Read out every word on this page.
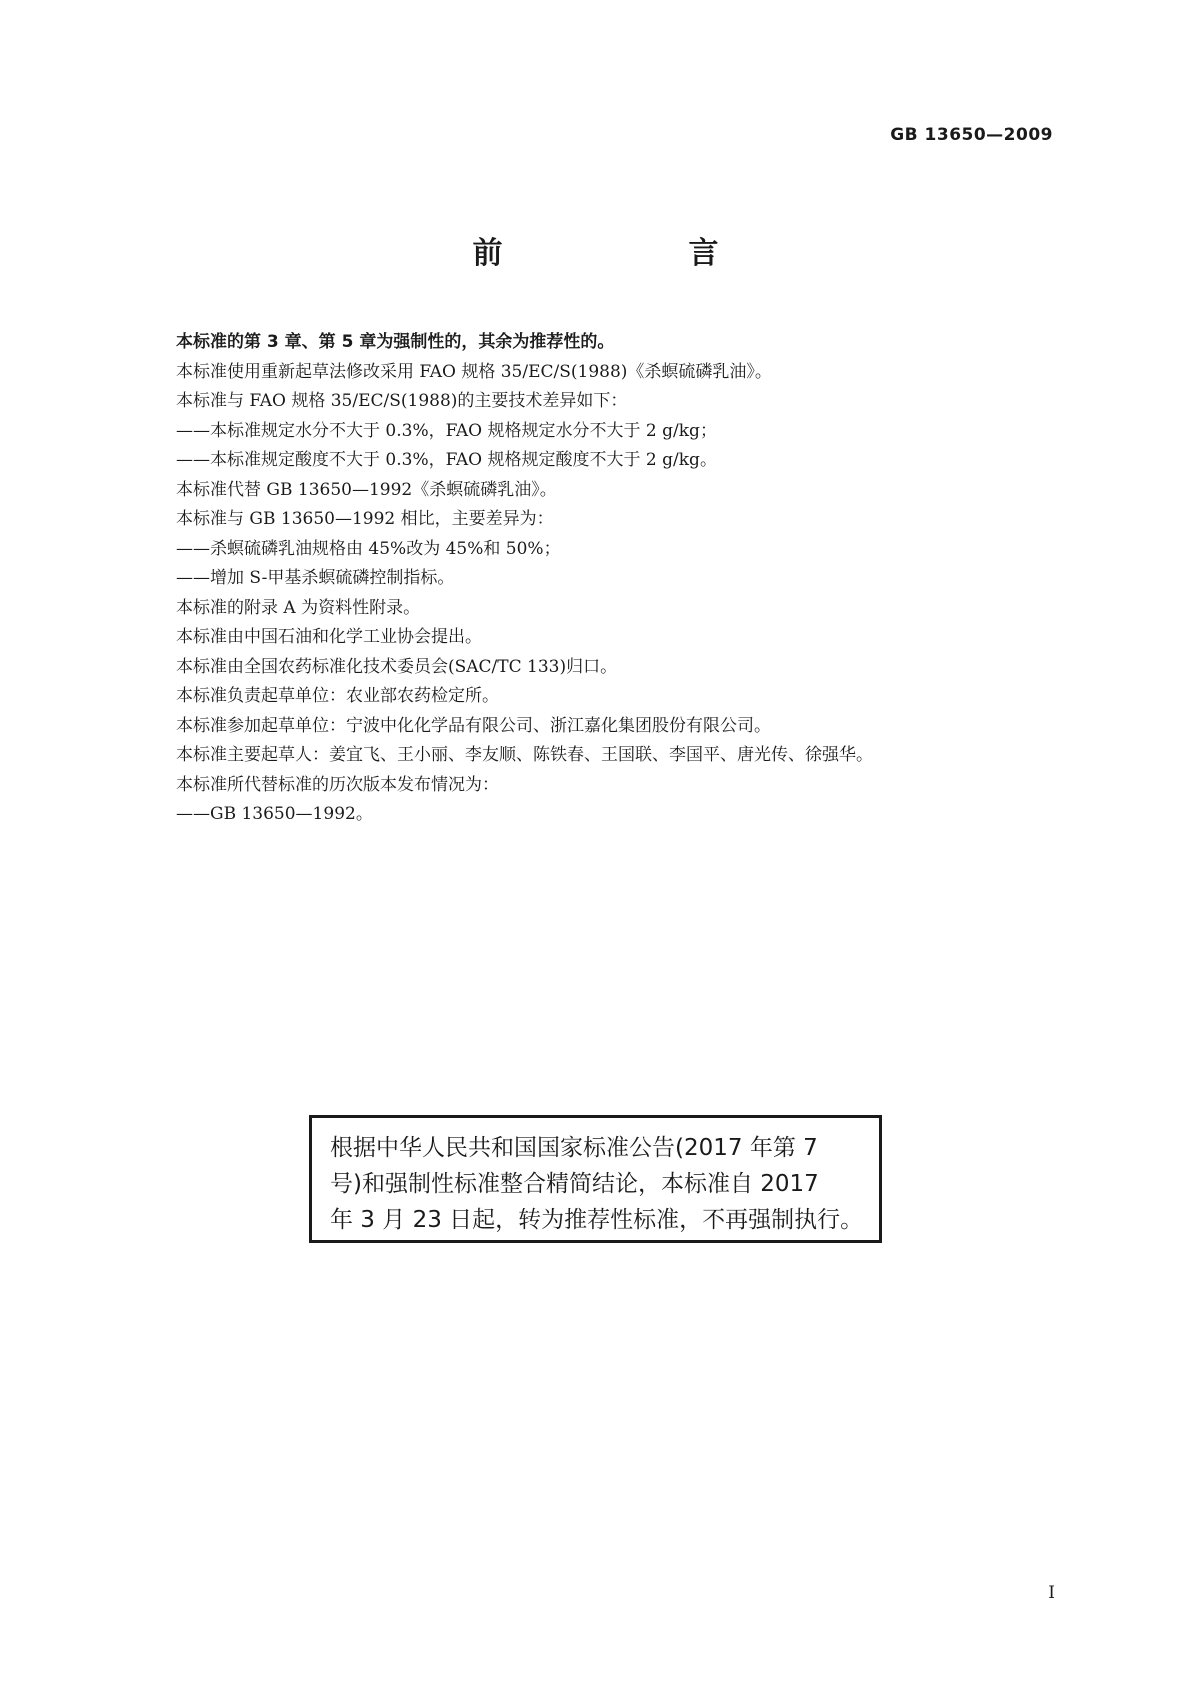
GB 13650—2009
前　　言

本标准的第 3 章、第 5 章为强制性的，其余为推荐性的。

本标准使用重新起草法修改采用 FAO 规格 35/EC/S(1988)《杀螟硫磷乳油》。

本标准与 FAO 规格 35/EC/S(1988)的主要技术差异如下：

——本标准规定水分不大于 0.3%，FAO 规格规定水分不大于 2 g/kg；

——本标准规定酸度不大于 0.3%，FAO 规格规定酸度不大于 2 g/kg。

本标准代替 GB 13650—1992《杀螟硫磷乳油》。

本标准与 GB 13650—1992 相比，主要差异为：

——杀螟硫磷乳油规格由 45%改为 45%和 50%；

——增加 S-甲基杀螟硫磷控制指标。

本标准的附录 A 为资料性附录。

本标准由中国石油和化学工业协会提出。

本标准由全国农药标准化技术委员会(SAC/TC 133)归口。

本标准负责起草单位：农业部农药检定所。

本标准参加起草单位：宁波中化化学品有限公司、浙江嘉化集团股份有限公司。

本标准主要起草人：姜宜飞、王小丽、李友顺、陈铁春、王国联、李国平、唐光传、徐强华。

本标准所代替标准的历次版本发布情况为：

——GB 13650—1992。

根据中华人民共和国国家标准公告(2017 年第 7

号)和强制性标准整合精简结论，本标准自 2017

年 3 月 23 日起，转为推荐性标准，不再强制执行。

I
